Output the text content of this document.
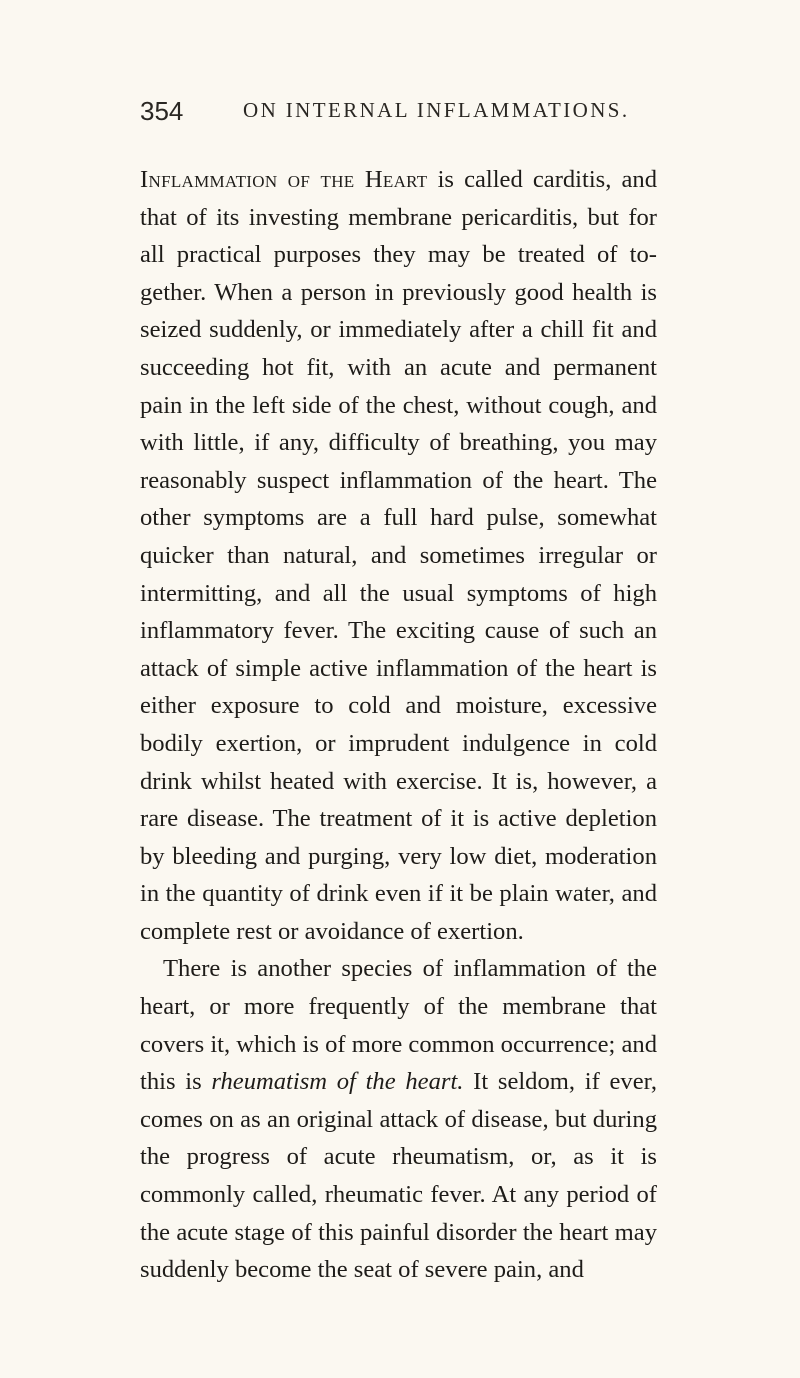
354	ON INTERNAL INFLAMMATIONS.

Inflammation of the Heart is called carditis, and that of its investing membrane pericarditis, but for all practical purposes they may be treated of together. When a person in previously good health is seized suddenly, or immediately after a chill fit and succeeding hot fit, with an acute and permanent pain in the left side of the chest, without cough, and with little, if any, difficulty of breathing, you may reasonably suspect inflammation of the heart. The other symptoms are a full hard pulse, somewhat quicker than natural, and sometimes irregular or intermitting, and all the usual symptoms of high inflammatory fever. The exciting cause of such an attack of simple active inflammation of the heart is either exposure to cold and moisture, excessive bodily exertion, or imprudent indulgence in cold drink whilst heated with exercise. It is, however, a rare disease. The treatment of it is active depletion by bleeding and purging, very low diet, moderation in the quantity of drink even if it be plain water, and complete rest or avoidance of exertion.

There is another species of inflammation of the heart, or more frequently of the membrane that covers it, which is of more common occurrence; and this is rheumatism of the heart. It seldom, if ever, comes on as an original attack of disease, but during the progress of acute rheumatism, or, as it is commonly called, rheumatic fever. At any period of the acute stage of this painful disorder the heart may suddenly become the seat of severe pain, and
